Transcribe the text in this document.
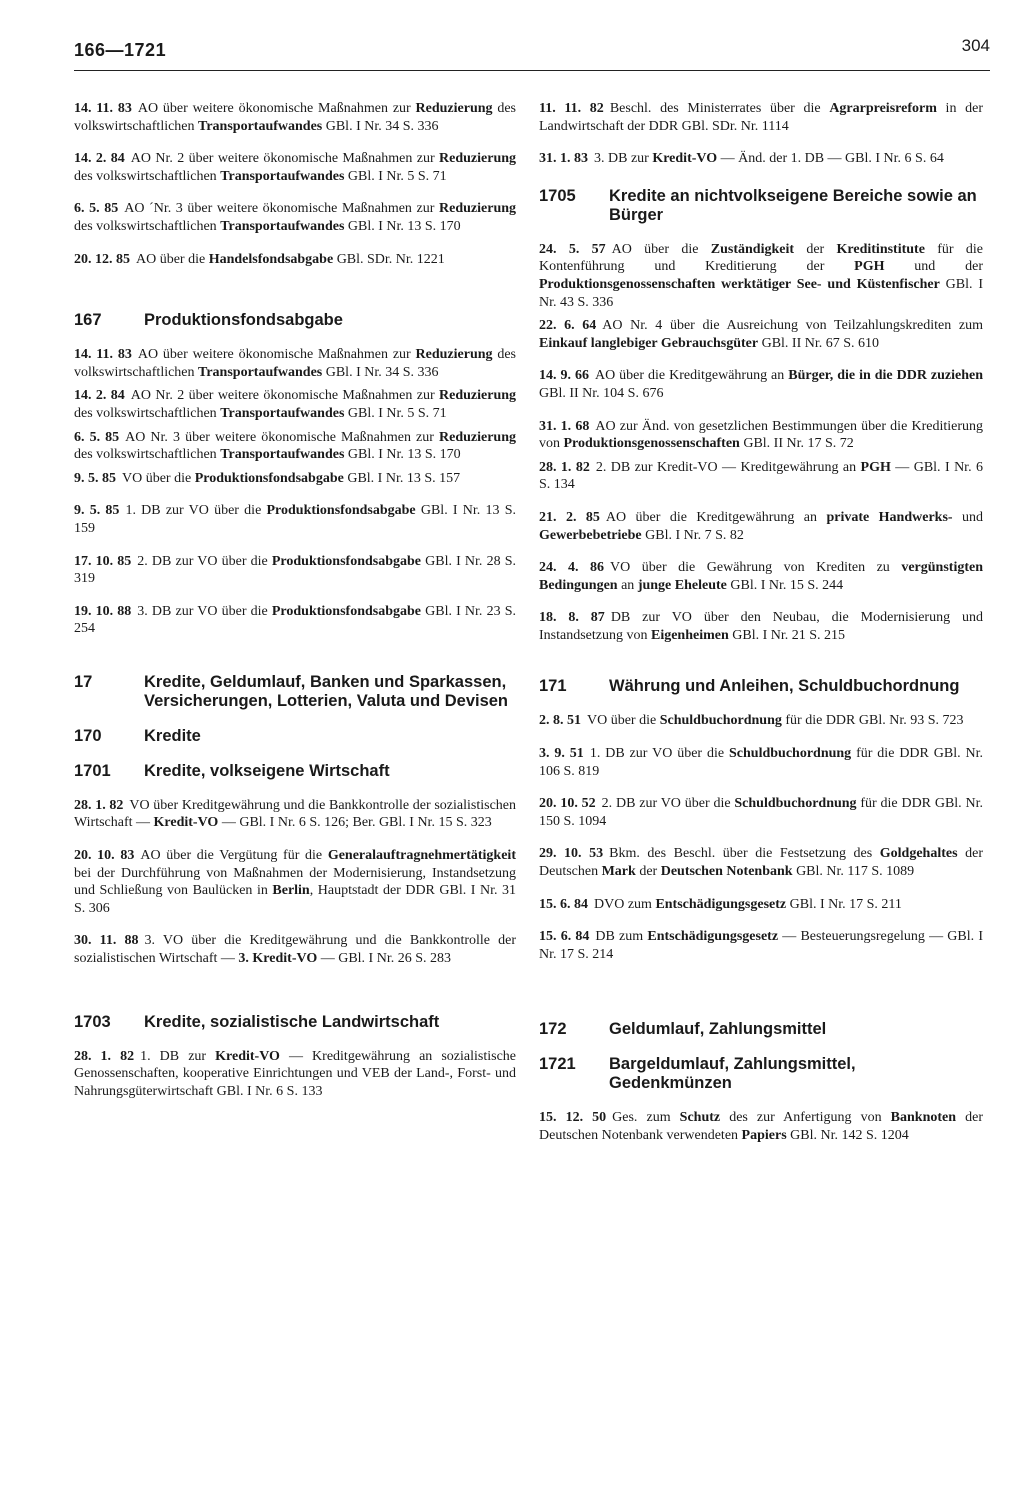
166—1721	304

14. 11. 83 AO über weitere ökonomische Maßnahmen zur Reduzierung des volkswirtschaftlichen Transportaufwandes GBl. I Nr. 34 S. 336

14. 2. 84 AO Nr. 2 über weitere ökonomische Maßnahmen zur Reduzierung des volkswirtschaftlichen Transportaufwandes GBl. I Nr. 5 S. 71

6. 5. 85 AO ´Nr. 3 über weitere ökonomische Maßnahmen zur Reduzierung des volkswirtschaftlichen Transportaufwandes GBl. I Nr. 13 S. 170

20. 12. 85 AO über die Handelsfondsabgabe GBl. SDr. Nr. 1221

167	Produktionsfondsabgabe

14. 11. 83 AO über weitere ökonomische Maßnahmen zur Reduzierung des volkswirtschaftlichen Transportaufwandes GBl. I Nr. 34 S. 336

14. 2. 84 AO Nr. 2 über weitere ökonomische Maßnahmen zur Reduzierung des volkswirtschaftlichen Transportaufwandes GBl. I Nr. 5 S. 71

6. 5. 85 AO Nr. 3 über weitere ökonomische Maßnahmen zur Reduzierung des volkswirtschaftlichen Transportaufwandes GBl. I Nr. 13 S. 170

9. 5. 85 VO über die Produktionsfondsabgabe GBl. I Nr. 13 S. 157

9. 5. 85 1. DB zur VO über die Produktionsfondsabgabe GBl. I Nr. 13 S. 159

17. 10. 85 2. DB zur VO über die Produktionsfondsabgabe GBl. I Nr. 28 S. 319

19. 10. 88 3. DB zur VO über die Produktionsfondsabgabe GBl. I Nr. 23 S. 254

17	Kredite, Geldumlauf, Banken und Sparkassen, Versicherungen, Lotterien, Valuta und Devisen
170	Kredite
1701	Kredite, volkseigene Wirtschaft

28. 1. 82 VO über Kreditgewährung und die Bankkontrolle der sozialistischen Wirtschaft — Kredit-VO — GBl. I Nr. 6 S. 126; Ber. GBl. I Nr. 15 S. 323

20. 10. 83 AO über die Vergütung für die Generalauftragnehmertätigkeit bei der Durchführung von Maßnahmen der Modernisierung, Instandsetzung und Schließung von Baulücken in Berlin, Hauptstadt der DDR GBl. I Nr. 31 S. 306

30. 11. 88 3. VO über die Kreditgewährung und die Bankkontrolle der sozialistischen Wirtschaft — 3. Kredit-VO — GBl. I Nr. 26 S. 283

1703	Kredite, sozialistische Landwirtschaft

28. 1. 82 1. DB zur Kredit-VO — Kreditgewährung an sozialistische Genossenschaften, kooperative Einrichtungen und VEB der Land-, Forst- und Nahrungsgüterwirtschaft GBl. I Nr. 6 S. 133

11. 11. 82 Beschl. des Ministerrates über die Agrarpreisreform in der Landwirtschaft der DDR GBl. SDr. Nr. 1114

31. 1. 83 3. DB zur Kredit-VO — Änd. der 1. DB — GBl. I Nr. 6 S. 64

1705	Kredite an nichtvolkseigene Bereiche sowie an Bürger

24. 5. 57 AO über die Zuständigkeit der Kreditinstitute für die Kontenführung und Kreditierung der PGH und der Produktionsgenossenschaften werktätiger See- und Küstenfischer GBl. I Nr. 43 S. 336

22. 6. 64 AO Nr. 4 über die Ausreichung von Teilzahlungskrediten zum Einkauf langlebiger Gebrauchsgüter GBl. II Nr. 67 S. 610

14. 9. 66 AO über die Kreditgewährung an Bürger, die in die DDR zuziehen GBl. II Nr. 104 S. 676

31. 1. 68 AO zur Änd. von gesetzlichen Bestimmungen über die Kreditierung von Produktionsgenossenschaften GBl. II Nr. 17 S. 72

28. 1. 82 2. DB zur Kredit-VO — Kreditgewährung an PGH — GBl. I Nr. 6 S. 134

21. 2. 85 AO über die Kreditgewährung an private Handwerks- und Gewerbebetriebe GBl. I Nr. 7 S. 82

24. 4. 86 VO über die Gewährung von Krediten zu vergünstigten Bedingungen an junge Eheleute GBl. I Nr. 15 S. 244

18. 8. 87 DB zur VO über den Neubau, die Modernisierung und Instandsetzung von Eigenheimen GBl. I Nr. 21 S. 215

171	Währung und Anleihen, Schuldbuchordnung

2. 8. 51 VO über die Schuldbuchordnung für die DDR GBl. Nr. 93 S. 723

3. 9. 51 1. DB zur VO über die Schuldbuchordnung für die DDR GBl. Nr. 106 S. 819

20. 10. 52 2. DB zur VO über die Schuldbuchordnung für die DDR GBl. Nr. 150 S. 1094

29. 10. 53 Bkm. des Beschl. über die Festsetzung des Goldgehaltes der Deutschen Mark der Deutschen Notenbank GBl. Nr. 117 S. 1089

15. 6. 84 DVO zum Entschädigungsgesetz GBl. I Nr. 17 S. 211

15. 6. 84 DB zum Entschädigungsgesetz — Besteuerungsregelung — GBl. I Nr. 17 S. 214

172	Geldumlauf, Zahlungsmittel
1721	Bargeldumlauf, Zahlungsmittel, Gedenkmünzen

15. 12. 50 Ges. zum Schutz des zur Anfertigung von Banknoten der Deutschen Notenbank verwendeten Papiers GBl. Nr. 142 S. 1204
